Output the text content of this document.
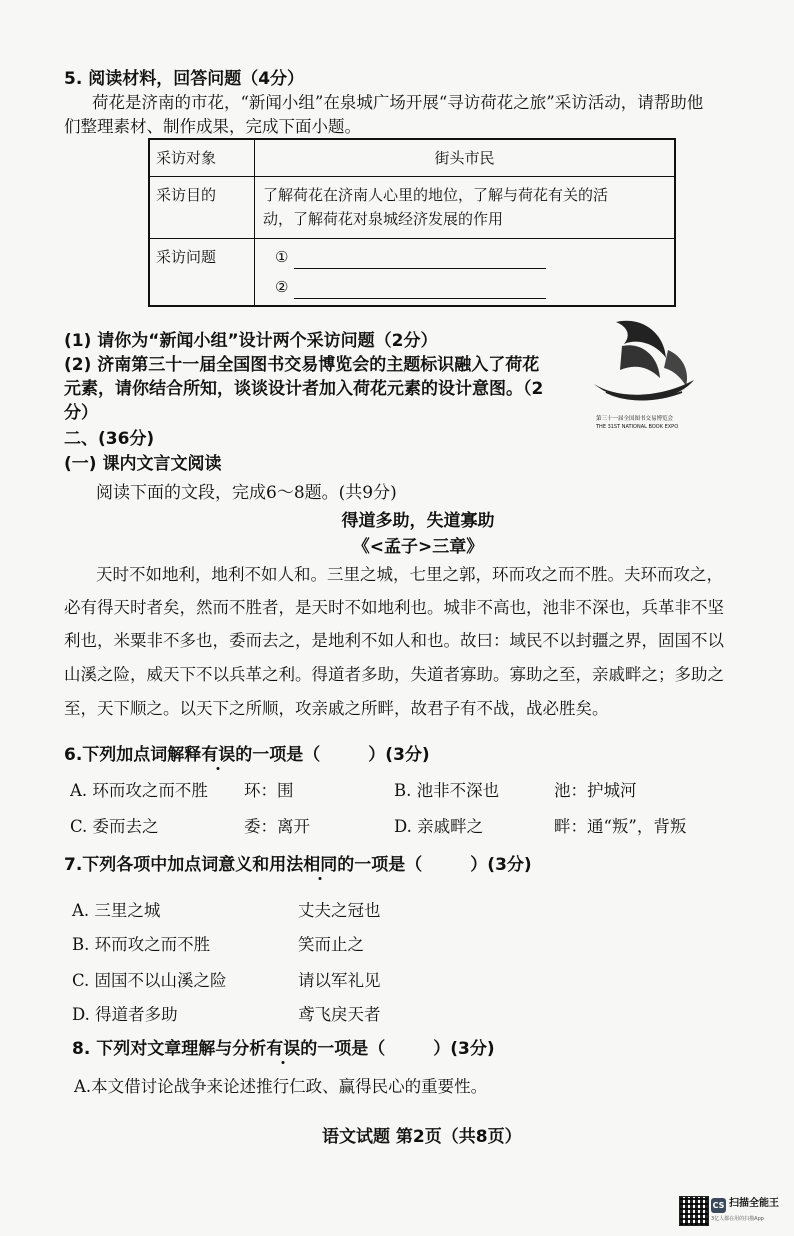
5. 阅读材料，回答问题（4分）
荷花是济南的市花，“新闻小组”在泉城广场开展“寻访荷花之旅”采访活动，请帮助他
们整理素材、制作成果，完成下面小题。
采访对象	街头市民
采访目的	了解荷花在济南人心里的地位，了解与荷花有关的活
动，了解荷花对泉城经济发展的作用

采访问题	①
②
(1) 请你为“新闻小组”设计两个采访问题（2分）
(2) 济南第三十一届全国图书交易博览会的主题标识融入了荷花
元素，请你结合所知，谈谈设计者加入荷花元素的设计意图。（2
分）	第三十一届全国图书交易博览会
THE 31ST NATIONAL BOOK EXPO
二、(36分)
(一) 课内文言文阅读
阅读下面的文段，完成6～8题。(共9分)
得道多助，失道寡助
《<孟子>三章》
天时不如地利，地利不如人和。三里之城，七里之郭，环而攻之而不胜。夫环而攻之，
必有得天时者矣，然而不胜者，是天时不如地利也。城非不高也，池非不深也，兵革非不坚
利也，米粟非不多也，委而去之，是地利不如人和也。故曰：域民不以封疆之界，固国不以
山溪之险，威天下不以兵革之利。得道者多助，失道者寡助。寡助之至，亲戚畔之；多助之
至，天下顺之。以天下之所顺，攻亲戚之所畔，故君子有不战，战必胜矣。
6.下列加点词解释有误的一项是（	）(3分)
A. 环而攻之而不胜 环：围	B. 池非不深也	池：护城河
C. 委而去之	委：离开	D. 亲戚畔之	畔：通“叛”，背叛
7.下列各项中加点词意义和用法相同的一项是（	）(3分)
A. 三里之城	丈夫之冠也
B. 环而攻之而不胜	笑而止之
C. 固国不以山溪之险	请以军礼见
D. 得道者多助	鸢飞戾天者
8. 下列对文章理解与分析有误的一项是（	）(3分)
A.本文借讨论战争来论述推行仁政、赢得民心的重要性。
语文试题 第2页（共8页）
CS 扫描全能王
3亿人都在用的扫描App
